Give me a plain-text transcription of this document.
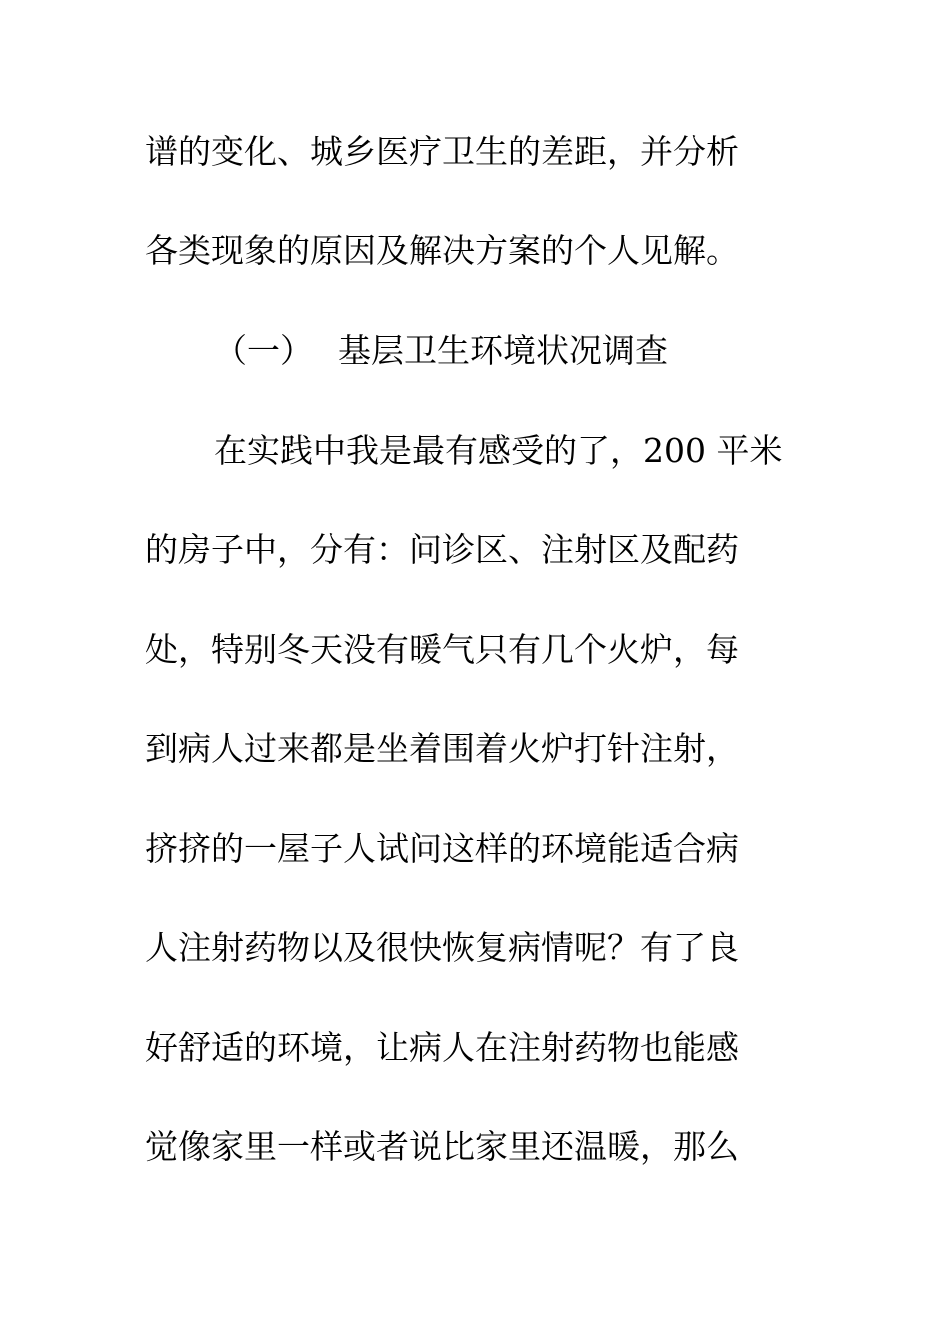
谱的变化、城乡医疗卫生的差距，并分析
各类现象的原因及解决方案的个人见解。
（一） 基层卫生环境状况调查
在实践中我是最有感受的了，200 平米
的房子中，分有：问诊区、注射区及配药
处，特别冬天没有暖气只有几个火炉，每
到病人过来都是坐着围着火炉打针注射，
挤挤的一屋子人试问这样的环境能适合病
人注射药物以及很快恢复病情呢？有了良
好舒适的环境，让病人在注射药物也能感
觉像家里一样或者说比家里还温暖，那么
